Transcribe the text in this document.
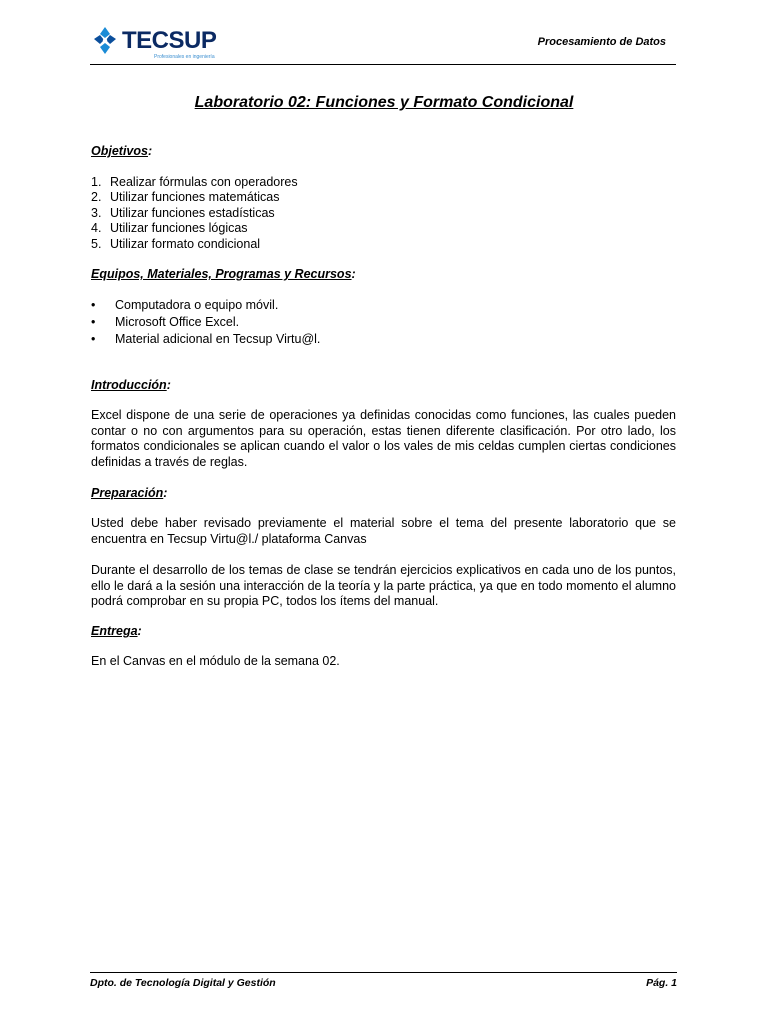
TECSUP
Profesionales en ingeniería
Procesamiento de Datos
Laboratorio 02: Funciones y Formato Condicional
Objetivos:
1. Realizar fórmulas con operadores
2. Utilizar funciones matemáticas
3. Utilizar funciones estadísticas
4. Utilizar funciones lógicas
5. Utilizar formato condicional
Equipos, Materiales, Programas y Recursos:
• Computadora o equipo móvil.
• Microsoft Office Excel.
• Material adicional en Tecsup Virtu@l.
Introducción:

Excel dispone de una serie de operaciones ya definidas conocidas como funciones, las cuales pueden contar o no con argumentos para su operación, estas tienen diferente clasificación. Por otro lado, los formatos condicionales se aplican cuando el valor o los vales de mis celdas cumplen ciertas condiciones definidas a través de reglas.

Preparación:

Usted debe haber revisado previamente el material sobre el tema del presente laboratorio que se encuentra en Tecsup Virtu@l./ plataforma Canvas

Durante el desarrollo de los temas de clase se tendrán ejercicios explicativos en cada uno de los puntos, ello le dará a la sesión una interacción de la teoría y la parte práctica, ya que en todo momento el alumno podrá comprobar en su propia PC, todos los ítems del manual.

Entrega:

En el Canvas en el módulo de la semana 02.

Dpto. de Tecnología Digital y Gestión	Pág. 1
